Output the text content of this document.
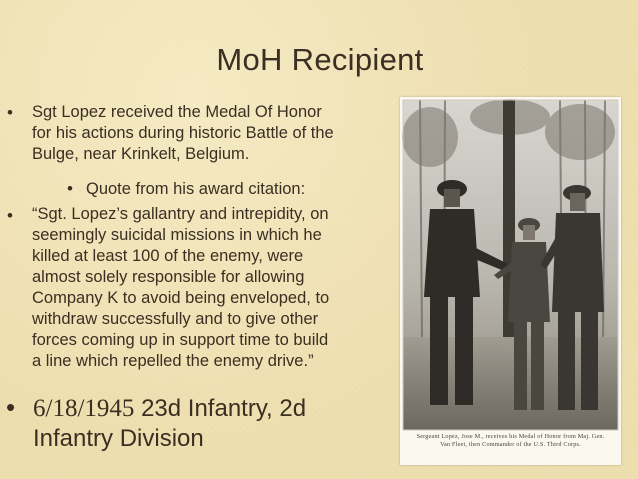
MoH Recipient
• Sgt Lopez received the Medal Of Honor
for his actions during historic Battle of the
Bulge, near Krinkelt, Belgium.
• Quote from his award citation:
• “Sgt. Lopez’s gallantry and intrepidity, on
seemingly suicidal missions in which he
killed at least 100 of the enemy, were
almost solely responsible for allowing
Company K to avoid being enveloped, to
withdraw successfully and to give other
forces coming up in support time to build
a line which repelled the enemy drive.”
• 6/18/1945 23d Infantry, 2d
Infantry Division	Sergeant Lopez, Jose M., receives his Medal of Honor from Maj. Gen.
Van Fleet, then Commander of the U.S. Third Corps.
